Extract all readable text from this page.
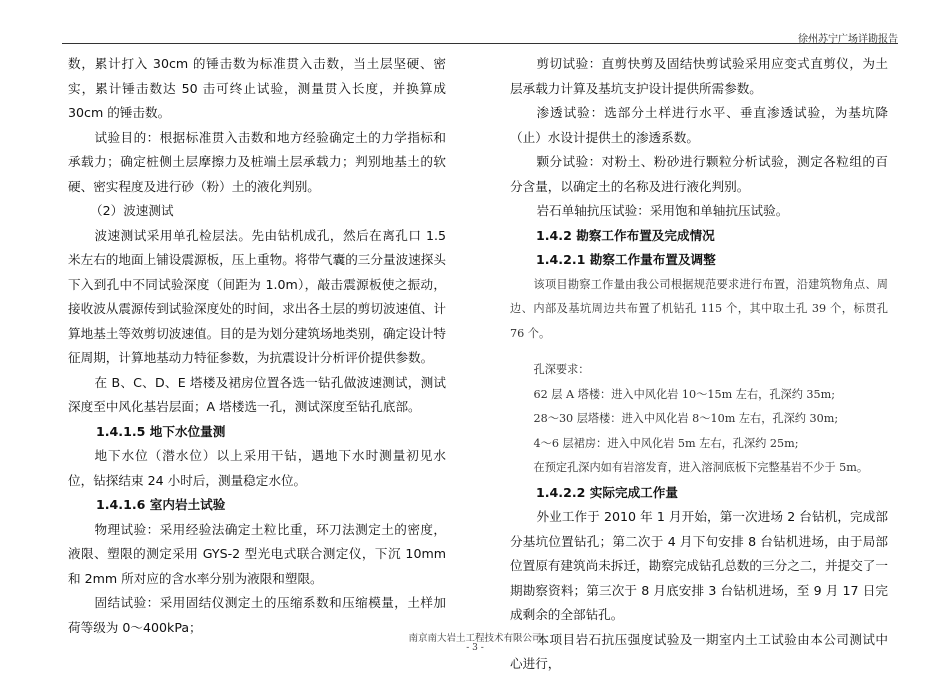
徐州苏宁广场详勘报告

数，累计打入 30cm 的锤击数为标准贯入击数，当土层坚硬、密实，累计锤击数达 50 击可终止试验，测量贯入长度，并换算成 30cm 的锤击数。

试验目的：根据标准贯入击数和地方经验确定土的力学指标和承载力；确定桩侧土层摩擦力及桩端土层承载力；判别地基土的软硬、密实程度及进行砂（粉）土的液化判别。

（2）波速测试

波速测试采用单孔检层法。先由钻机成孔，然后在离孔口 1.5 米左右的地面上铺设震源板，压上重物。将带气囊的三分量波速探头下入到孔中不同试验深度（间距为 1.0m），敲击震源板使之振动，接收波从震源传到试验深度处的时间，求出各土层的剪切波速值、计算地基土等效剪切波速值。目的是为划分建筑场地类别，确定设计特征周期，计算地基动力特征参数，为抗震设计分析评价提供参数。

在 B、C、D、E 塔楼及裙房位置各选一钻孔做波速测试，测试深度至中风化基岩层面；A 塔楼选一孔，测试深度至钻孔底部。

1.4.1.5 地下水位量测

地下水位（潜水位）以上采用干钻，遇地下水时测量初见水位，钻探结束 24 小时后，测量稳定水位。

1.4.1.6 室内岩土试验

物理试验：采用经验法确定土粒比重，环刀法测定土的密度，液限、塑限的测定采用 GYS-2 型光电式联合测定仪，下沉 10mm 和 2mm 所对应的含水率分别为液限和塑限。

固结试验：采用固结仪测定土的压缩系数和压缩模量，土样加荷等级为 0～400kPa；

剪切试验：直剪快剪及固结快剪试验采用应变式直剪仪，为土层承载力计算及基坑支护设计提供所需参数。

渗透试验：选部分土样进行水平、垂直渗透试验，为基坑降（止）水设计提供土的渗透系数。

颗分试验：对粉土、粉砂进行颗粒分析试验，测定各粒组的百分含量，以确定土的名称及进行液化判别。

岩石单轴抗压试验：采用饱和单轴抗压试验。

1.4.2 勘察工作布置及完成情况

1.4.2.1 勘察工作量布置及调整

该项目勘察工作量由我公司根据规范要求进行布置，沿建筑物角点、周边、内部及基坑周边共布置了机钻孔 115 个，其中取土孔 39 个，标贯孔 76 个。

孔深要求：

62 层 A 塔楼：进入中风化岩 10～15m 左右，孔深约 35m;

28～30 层塔楼：进入中风化岩 8～10m 左右，孔深约 30m;

4～6 层裙房：进入中风化岩 5m 左右，孔深约 25m;

在预定孔深内如有岩溶发育，进入溶洞底板下完整基岩不少于 5m。

1.4.2.2 实际完成工作量

外业工作于 2010 年 1 月开始，第一次进场 2 台钻机，完成部分基坑位置钻孔；第二次于 4 月下旬安排 8 台钻机进场，由于局部位置原有建筑尚未拆迁，勘察完成钻孔总数的三分之二，并提交了一期勘察资料；第三次于 8 月底安排 3 台钻机进场，至 9 月 17 日完成剩余的全部钻孔。

本项目岩石抗压强度试验及一期室内土工试验由本公司测试中心进行，

南京南大岩土工程技术有限公司
- 3 -
